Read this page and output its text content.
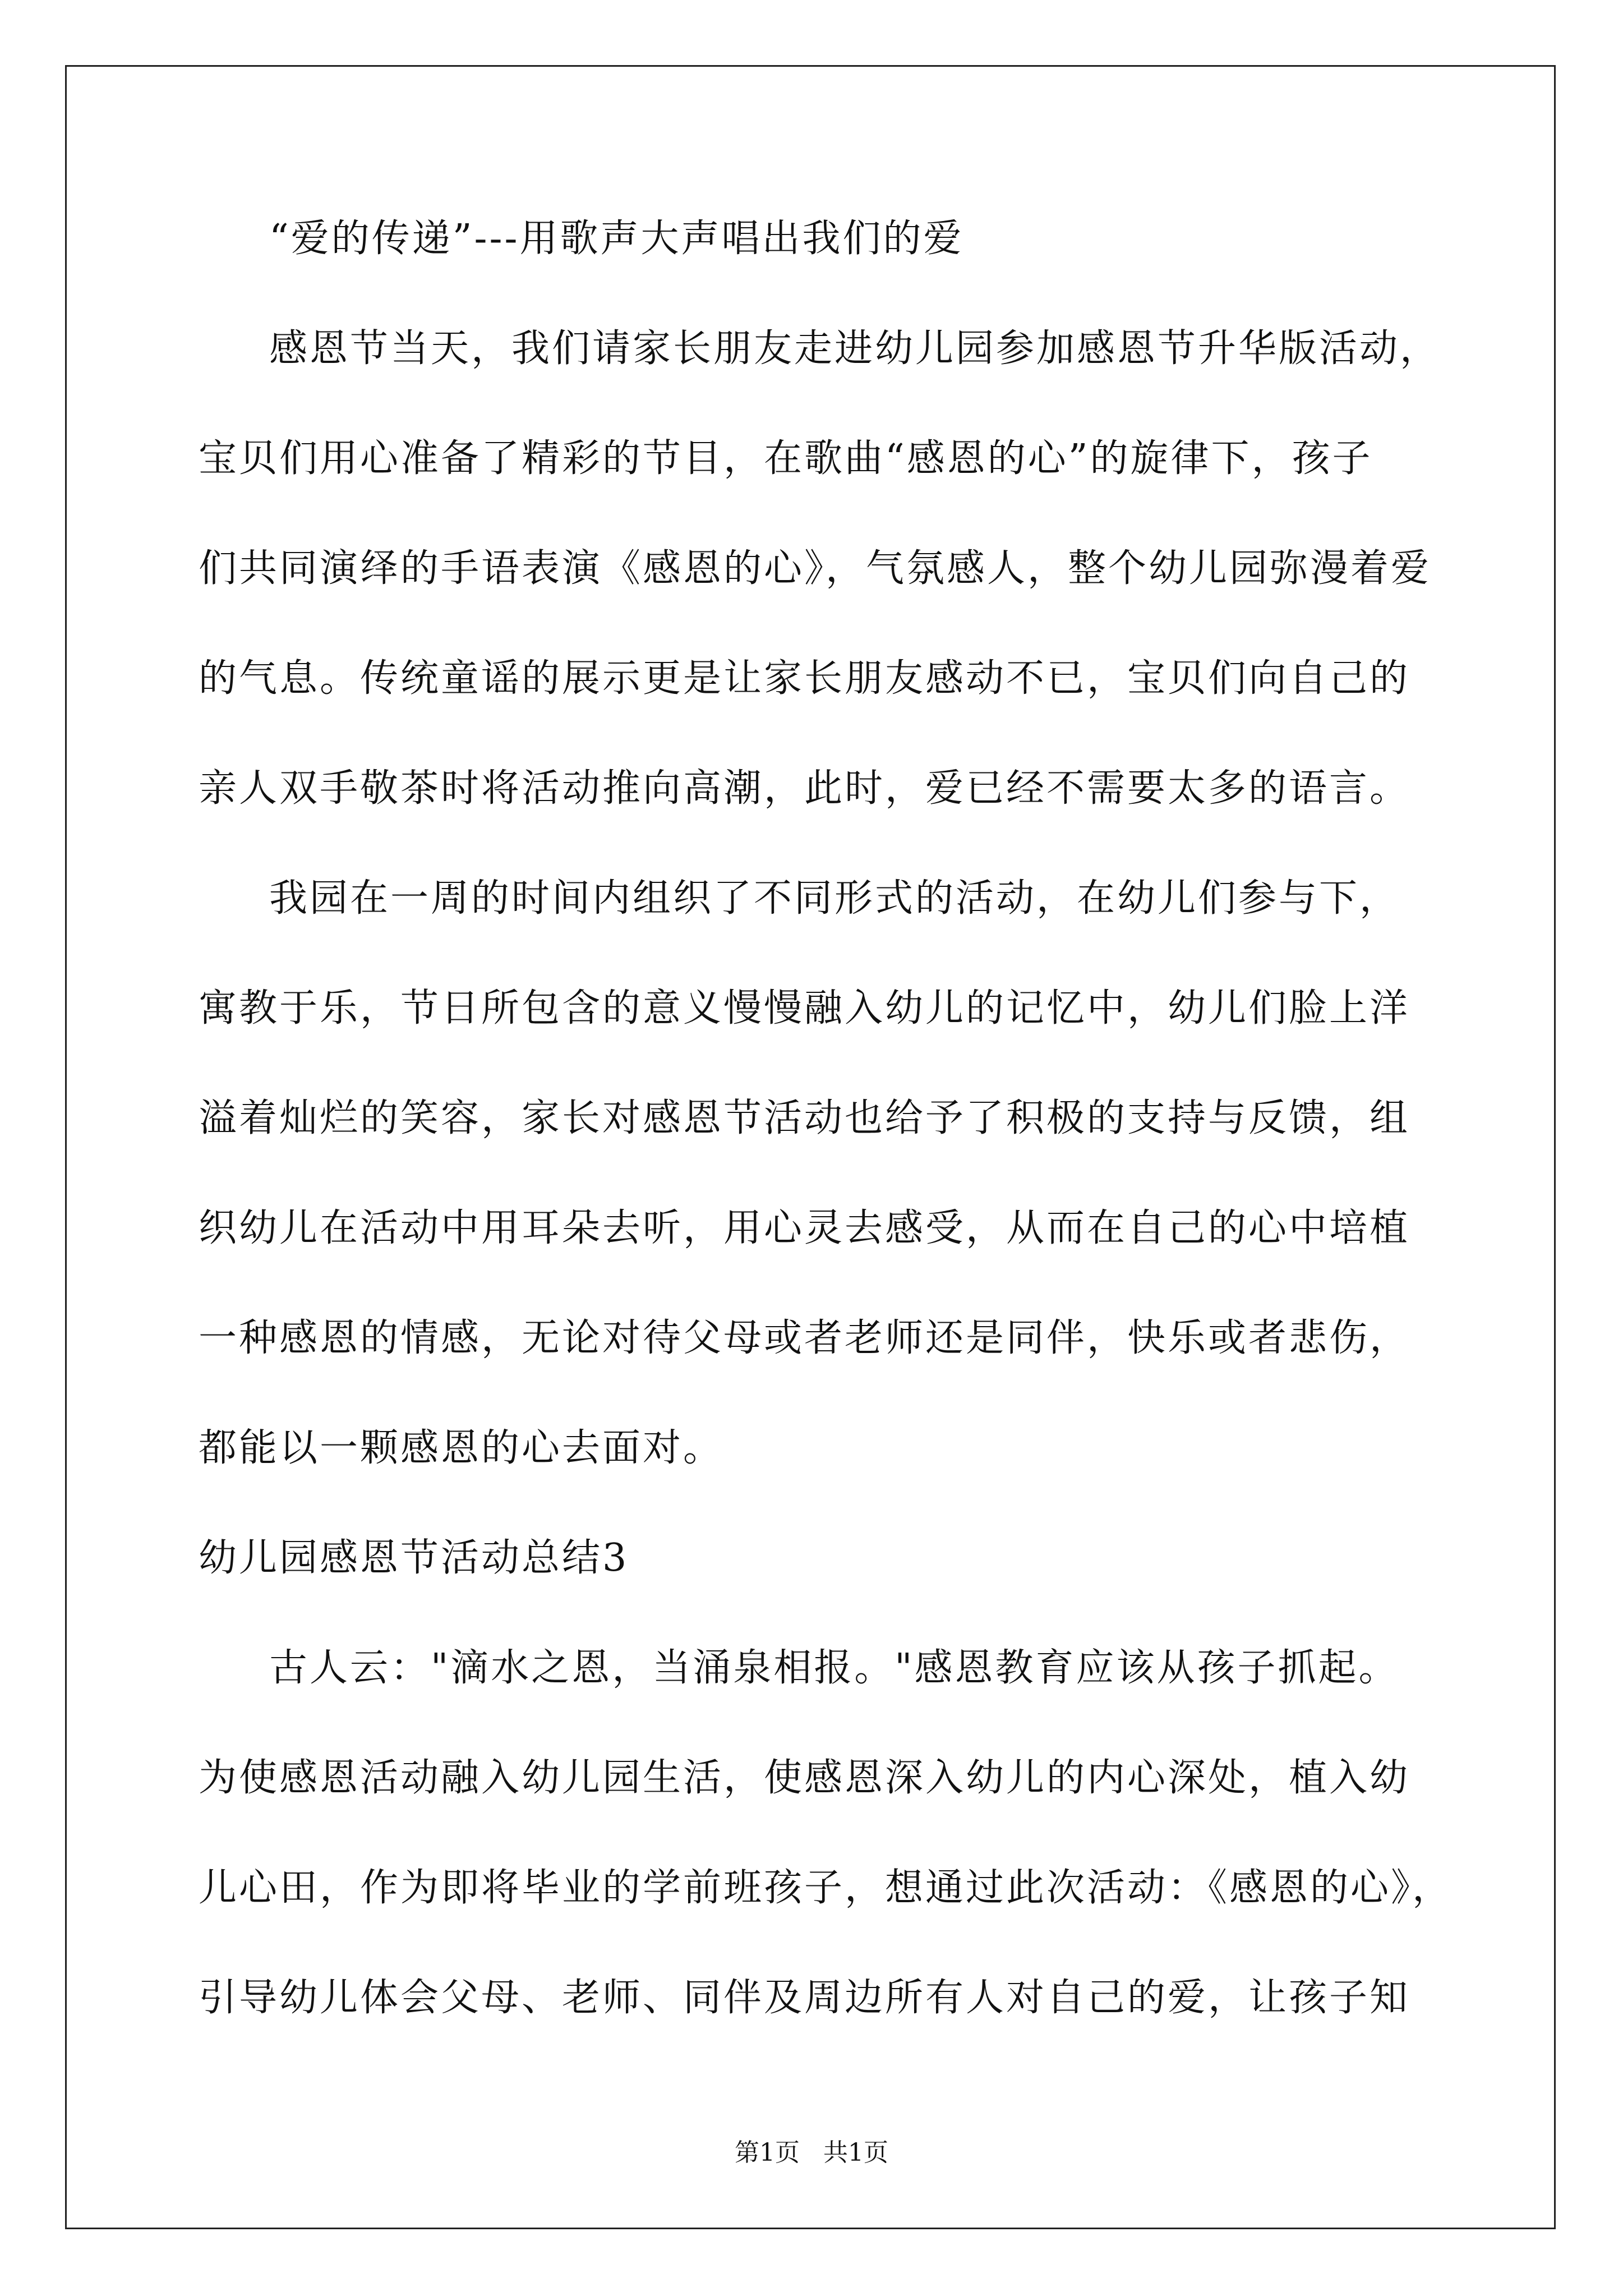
“爱的传递”---用歌声大声唱出我们的爱
感恩节当天，我们请家长朋友走进幼儿园参加感恩节升华版活动，
宝贝们用心准备了精彩的节目，在歌曲“感恩的心”的旋律下，孩子
们共同演绎的手语表演《感恩的心》，气氛感人，整个幼儿园弥漫着爱
的气息。传统童谣的展示更是让家长朋友感动不已，宝贝们向自己的
亲人双手敬茶时将活动推向高潮，此时，爱已经不需要太多的语言。
我园在一周的时间内组织了不同形式的活动，在幼儿们参与下，
寓教于乐，节日所包含的意义慢慢融入幼儿的记忆中，幼儿们脸上洋
溢着灿烂的笑容，家长对感恩节活动也给予了积极的支持与反馈，组
织幼儿在活动中用耳朵去听，用心灵去感受，从而在自己的心中培植
一种感恩的情感，无论对待父母或者老师还是同伴，快乐或者悲伤，
都能以一颗感恩的心去面对。
幼儿园感恩节活动总结3
古人云："滴水之恩，当涌泉相报。"感恩教育应该从孩子抓起。
为使感恩活动融入幼儿园生活，使感恩深入幼儿的内心深处，植入幼
儿心田，作为即将毕业的学前班孩子，想通过此次活动：《感恩的心》，
引导幼儿体会父母、老师、同伴及周边所有人对自己的爱，让孩子知
第1页 共1页
